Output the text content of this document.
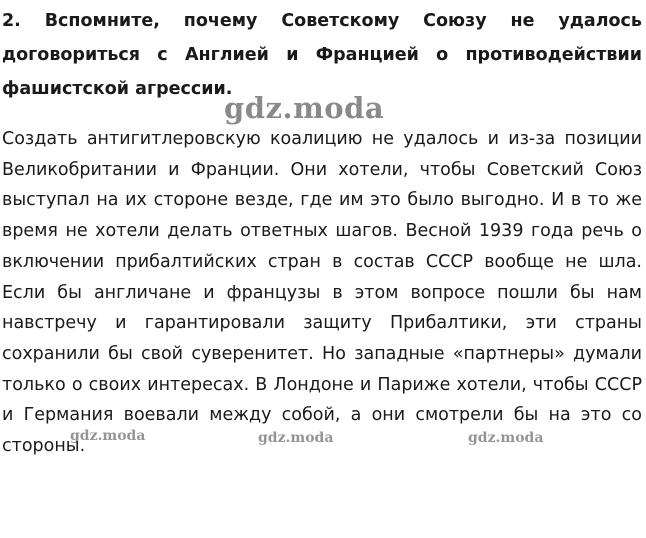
2. Вспомните, почему Советскому Союзу не удалось договориться с Англией и Францией о противодействии фашистской агрессии.

gdz.moda

Создать антигитлеровскую коалицию не удалось и из-за позиции Великобритании и Франции. Они хотели, чтобы Советский Союз выступал на их стороне везде, где им это было выгодно. И в то же время не хотели делать ответных шагов. Весной 1939 года речь о включении прибалтийских стран в состав СССР вообще не шла. Если бы англичане и французы в этом вопросе пошли бы нам навстречу и гарантировали защиту Прибалтики, эти страны сохранили бы свой суверенитет. Но западные «партнеры» думали только о своих интересах. В Лондоне и Париже хотели, чтобы СССР и Германия воевали между собой, а они смотрели бы на это со стороны.

gdz.moda	gdz.moda	gdz.moda
